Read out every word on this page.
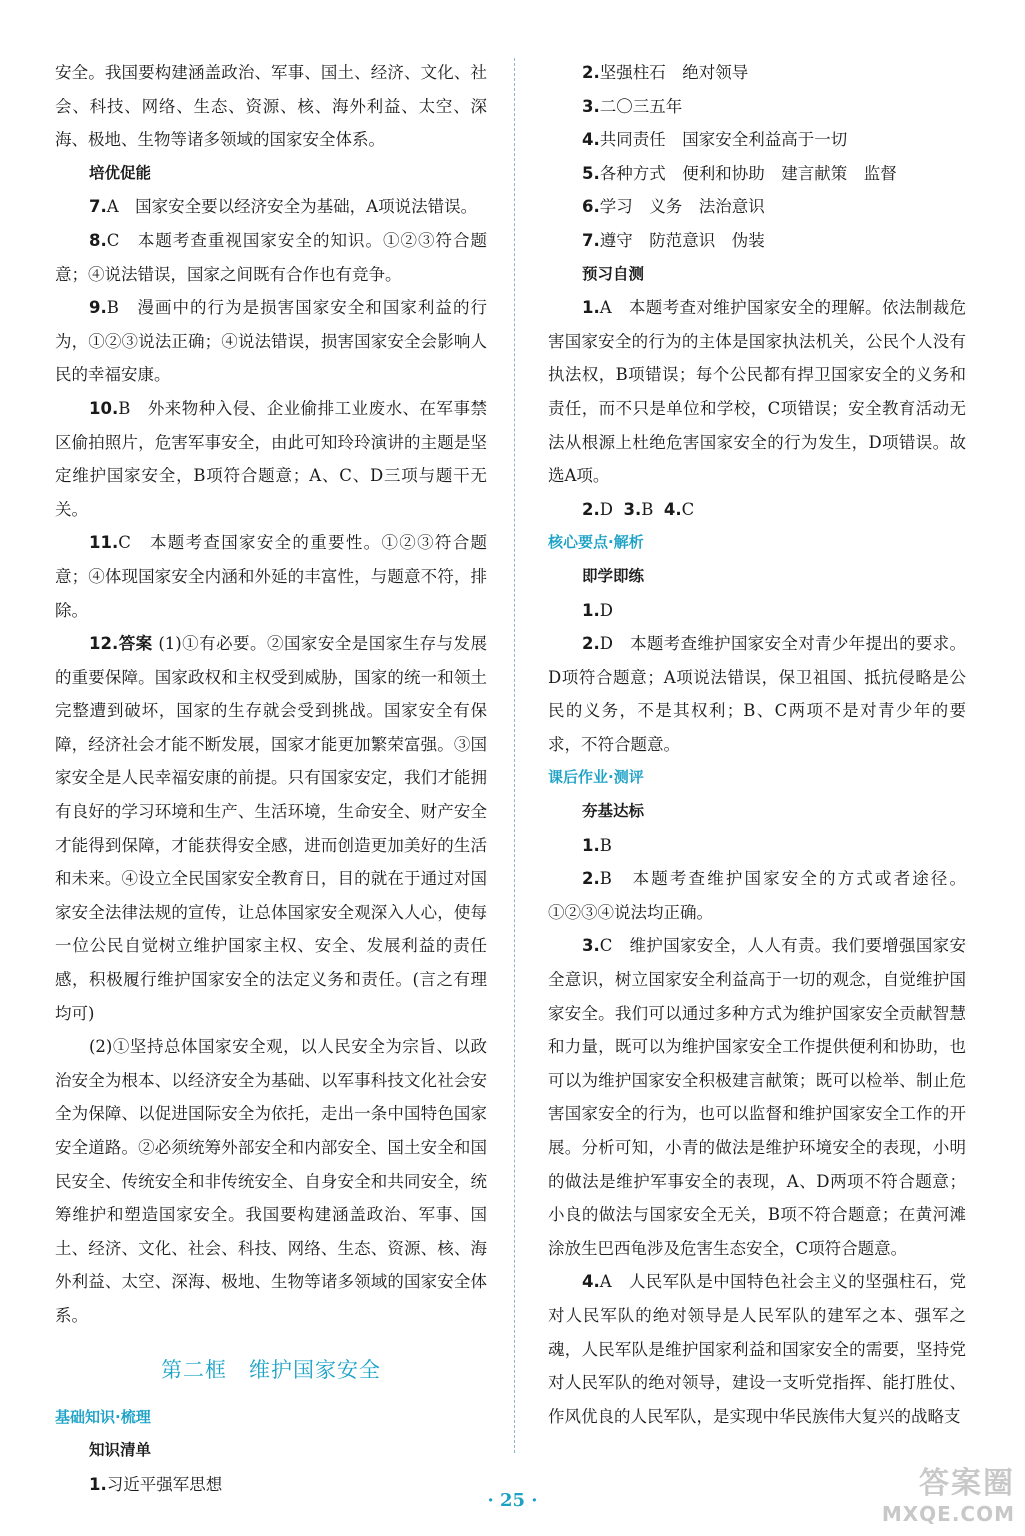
安全。我国要构建涵盖政治、军事、国土、经济、文化、社会、科技、网络、生态、资源、核、海外利益、太空、深海、极地、生物等诸多领域的国家安全体系。

培优促能

7.A　国家安全要以经济安全为基础，A项说法错误。

8.C　本题考查重视国家安全的知识。①②③符合题意；④说法错误，国家之间既有合作也有竞争。

9.B　漫画中的行为是损害国家安全和国家利益的行为，①②③说法正确；④说法错误，损害国家安全会影响人民的幸福安康。

10.B　外来物种入侵、企业偷排工业废水、在军事禁区偷拍照片，危害军事安全，由此可知玲玲演讲的主题是坚定维护国家安全，B项符合题意；A、C、D三项与题干无关。

11.C　本题考查国家安全的重要性。①②③符合题意；④体现国家安全内涵和外延的丰富性，与题意不符，排除。

12.答案 (1)①有必要。②国家安全是国家生存与发展的重要保障。国家政权和主权受到威胁，国家的统一和领土完整遭到破坏，国家的生存就会受到挑战。国家安全有保障，经济社会才能不断发展，国家才能更加繁荣富强。③国家安全是人民幸福安康的前提。只有国家安定，我们才能拥有良好的学习环境和生产、生活环境，生命安全、财产安全才能得到保障，才能获得安全感，进而创造更加美好的生活和未来。④设立全民国家安全教育日，目的就在于通过对国家安全法律法规的宣传，让总体国家安全观深入人心，使每一位公民自觉树立维护国家主权、安全、发展利益的责任感，积极履行维护国家安全的法定义务和责任。(言之有理均可)

(2)①坚持总体国家安全观，以人民安全为宗旨、以政治安全为根本、以经济安全为基础、以军事科技文化社会安全为保障、以促进国际安全为依托，走出一条中国特色国家安全道路。②必须统筹外部安全和内部安全、国土安全和国民安全、传统安全和非传统安全、自身安全和共同安全，统筹维护和塑造国家安全。我国要构建涵盖政治、军事、国土、经济、文化、社会、科技、网络、生态、资源、核、海外利益、太空、深海、极地、生物等诸多领域的国家安全体系。

第二框　维护国家安全

基础知识·梳理

知识清单

1.习近平强军思想

2.坚强柱石　绝对领导

3.二〇三五年

4.共同责任　国家安全利益高于一切

5.各种方式　便利和协助　建言献策　监督

6.学习　义务　法治意识

7.遵守　防范意识　伪装

预习自测

1.A　本题考查对维护国家安全的理解。依法制裁危害国家安全的行为的主体是国家执法机关，公民个人没有执法权，B项错误；每个公民都有捍卫国家安全的义务和责任，而不只是单位和学校，C项错误；安全教育活动无法从根源上杜绝危害国家安全的行为发生，D项错误。故选A项。

2.D 3.B 4.C

核心要点·解析

即学即练

1.D

2.D　本题考查维护国家安全对青少年提出的要求。D项符合题意；A项说法错误，保卫祖国、抵抗侵略是公民的义务，不是其权利；B、C两项不是对青少年的要求，不符合题意。

课后作业·测评

夯基达标

1.B

2.B　本题考查维护国家安全的方式或者途径。①②③④说法均正确。

3.C　维护国家安全，人人有责。我们要增强国家安全意识，树立国家安全利益高于一切的观念，自觉维护国家安全。我们可以通过多种方式为维护国家安全贡献智慧和力量，既可以为维护国家安全工作提供便利和协助，也可以为维护国家安全积极建言献策；既可以检举、制止危害国家安全的行为，也可以监督和维护国家安全工作的开展。分析可知，小青的做法是维护环境安全的表现，小明的做法是维护军事安全的表现，A、D两项不符合题意；小良的做法与国家安全无关，B项不符合题意；在黄河滩涂放生巴西龟涉及危害生态安全，C项符合题意。

4.A　人民军队是中国特色社会主义的坚强柱石，党对人民军队的绝对领导是人民军队的建军之本、强军之魂，人民军队是维护国家利益和国家安全的需要，坚持党对人民军队的绝对领导，建设一支听党指挥、能打胜仗、作风优良的人民军队，是实现中华民族伟大复兴的战略支

· 25 ·	答案圈
MXQE.COM
